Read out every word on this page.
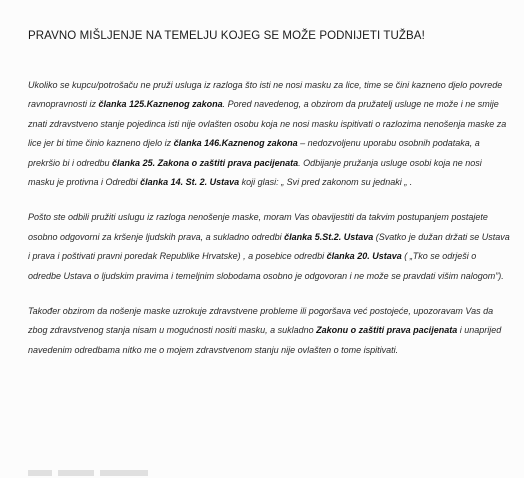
PRAVNO MIŠLJENJE NA TEMELJU KOJEG SE MOŽE PODNIJETI TUŽBA!

Ukoliko se kupcu/potrošaču ne pruži usluga iz razloga što isti ne nosi masku za lice, time se čini kazneno djelo povrede ravnopravnosti iz članka 125.Kaznenog zakona. Pored navedenog, a obzirom da pružatelj usluge ne može i ne smije znati zdravstveno stanje pojedinca isti nije ovlašten osobu koja ne nosi masku ispitivati o razlozima nenošenja maske za lice jer bi time činio kazneno djelo iz članka 146.Kaznenog zakona – nedozvoljenu uporabu osobnih podataka, a prekršio bi i odredbu članka 25. Zakona o zaštiti prava pacijenata. Odbijanje pružanja usluge osobi koja ne nosi masku je protivna i Odredbi članka 14. St. 2. Ustava koji glasi: „ Svi pred zakonom su jednaki „ .

Pošto ste odbili pružiti uslugu iz razloga nenošenje maske, moram Vas obavijestiti da takvim postupanjem postajete osobno odgovorni za kršenje ljudskih prava, a sukladno odredbi članka 5.St.2. Ustava (Svatko je dužan držati se Ustava i prava i poštivati pravni poredak Republike Hrvatske) , a posebice odredbi članka 20. Ustava ( „Tko se odrješi o odredbe Ustava o ljudskim pravima i temeljnim slobodama osobno je odgovoran i ne može se pravdati višim nalogom”).

Također obzirom da nošenje maske uzrokuje zdravstvene probleme ili pogoršava već postojeće, upozoravam Vas da zbog zdravstvenog stanja nisam u mogućnosti nositi masku, a sukladno Zakonu o zaštiti prava pacijenata i unaprijed navedenim odredbama nitko me o mojem zdravstvenom stanju nije ovlašten o tome ispitivati.
